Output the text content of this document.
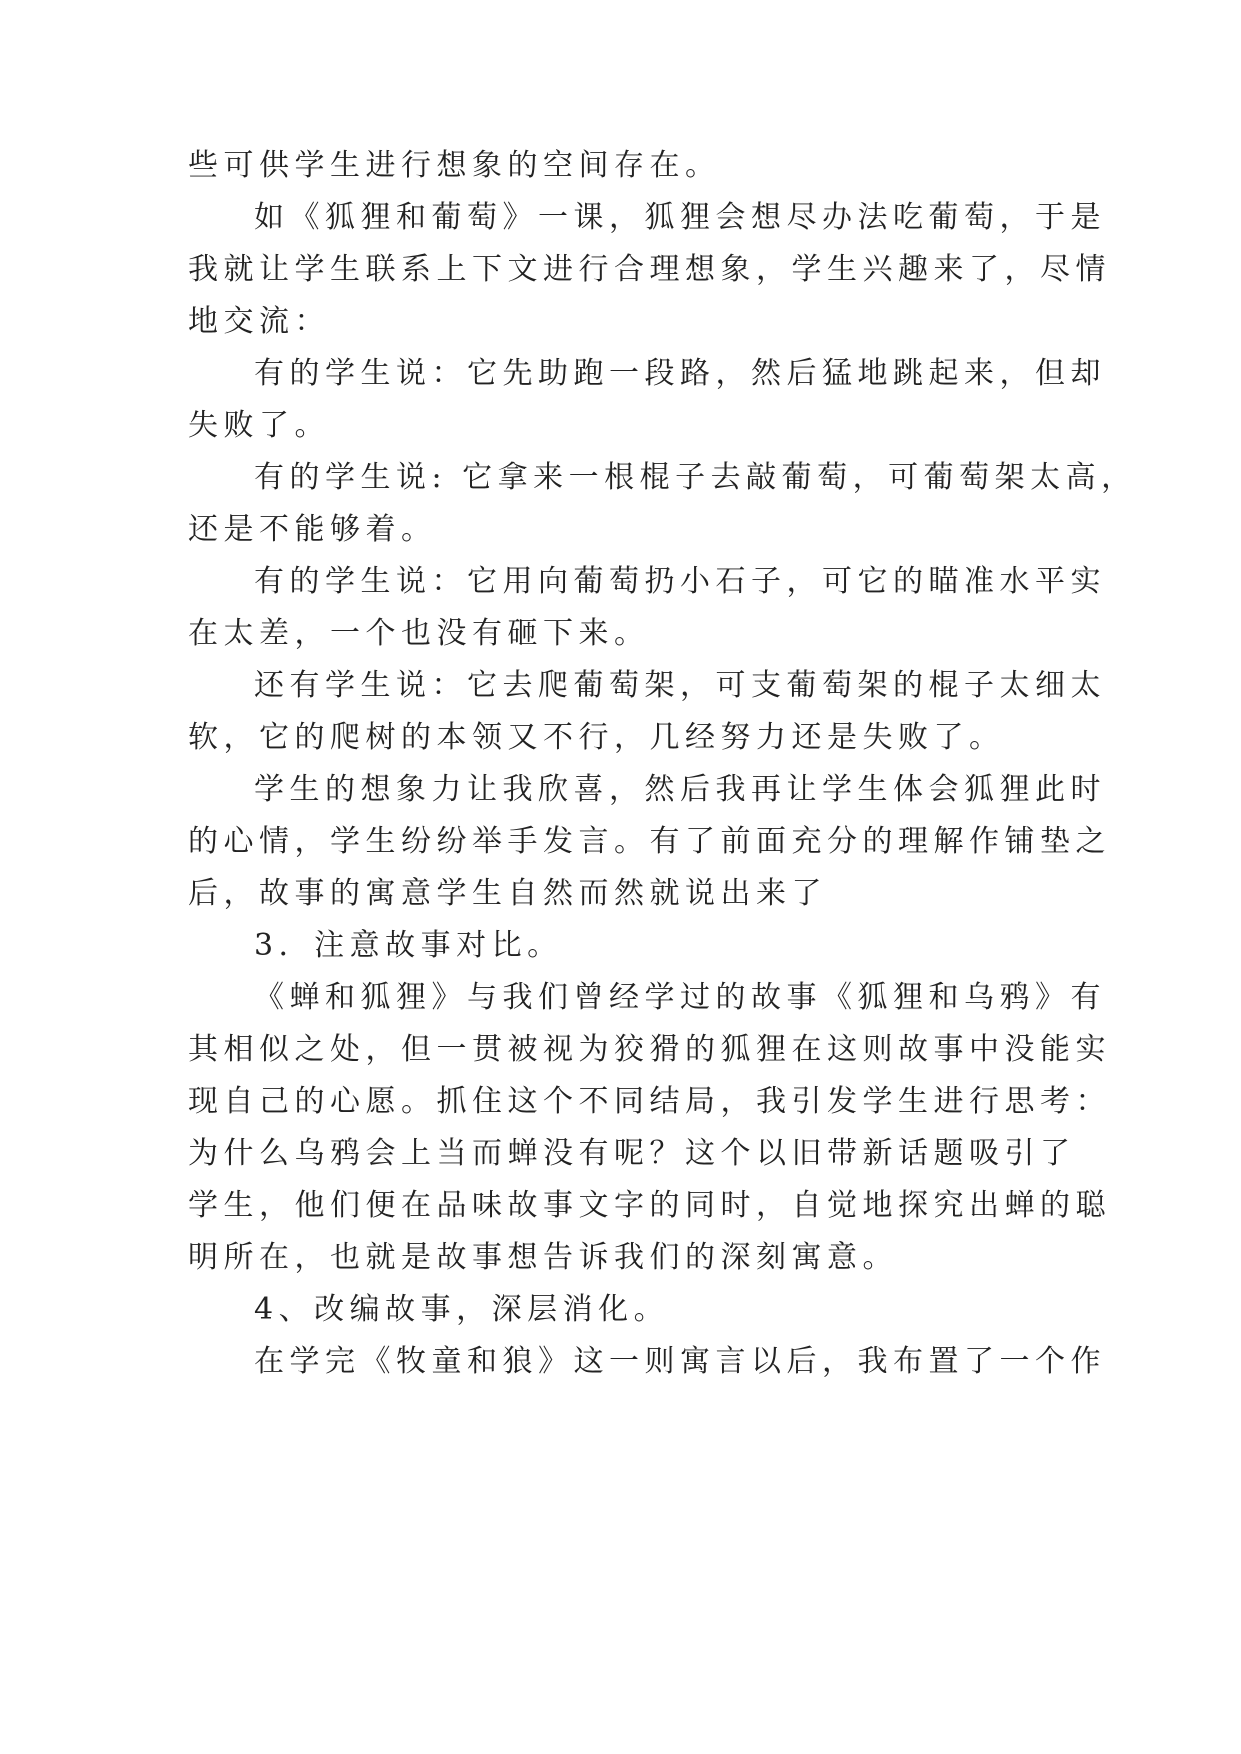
些可供学生进行想象的空间存在。
如《狐狸和葡萄》一课，狐狸会想尽办法吃葡萄，于是
我就让学生联系上下文进行合理想象，学生兴趣来了，尽情
地交流：
有的学生说：它先助跑一段路，然后猛地跳起来，但却
失败了。
有的学生说: 它拿来一根棍子去敲葡萄，可葡萄架太高，
还是不能够着。
有的学生说：它用向葡萄扔小石子，可它的瞄准水平实
在太差，一个也没有砸下来。
还有学生说：它去爬葡萄架，可支葡萄架的棍子太细太
软，它的爬树的本领又不行，几经努力还是失败了。
学生的想象力让我欣喜，然后我再让学生体会狐狸此时
的心情，学生纷纷举手发言。有了前面充分的理解作铺垫之
后，故事的寓意学生自然而然就说出来了
3．注意故事对比。
《蝉和狐狸》与我们曾经学过的故事《狐狸和乌鸦》有
其相似之处，但一贯被视为狡猾的狐狸在这则故事中没能实
现自己的心愿。抓住这个不同结局，我引发学生进行思考：
为什么乌鸦会上当而蝉没有呢？这个以旧带新话题吸引了
学生，他们便在品味故事文字的同时，自觉地探究出蝉的聪
明所在，也就是故事想告诉我们的深刻寓意。
4、改编故事，深层消化。
在学完《牧童和狼》这一则寓言以后，我布置了一个作
